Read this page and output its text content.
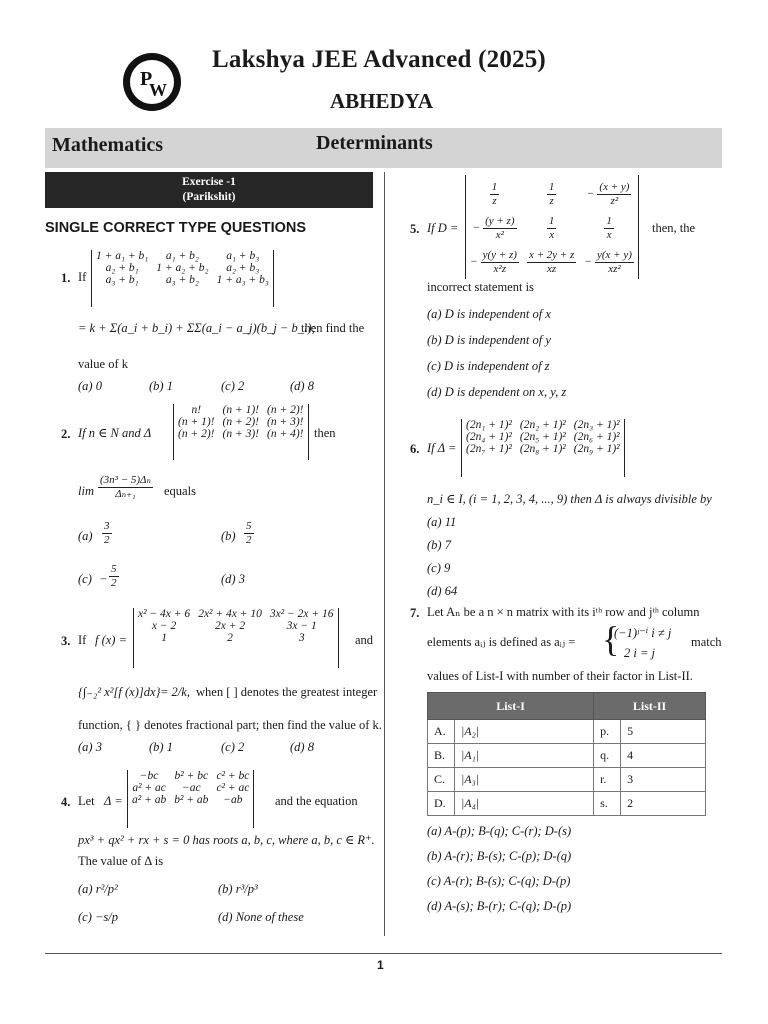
P
W
Lakshya JEE Advanced (2025)
ABHEDYA
Mathematics	Determinants
Exercise -1
(Parikshit)
SINGLE CORRECT TYPE QUESTIONS
1. If
1 + a₁ + b₁	a₁ + b₂	a₁ + b₃
a₂ + b₁	1 + a₂ + b₂	a₂ + b₃
a₃ + b₁	a₃ + b₂	1 + a₃ + b₃
= k + Σ(a_i + b_i) + ΣΣ(a_i − a_j)(b_j − b_i);
then find the
value of k
(a) 0	(b) 1	(c) 2	(d) 8
2. If n ∈ N and Δ
n!	(n + 1)!	(n + 2)!
(n + 1)!	(n + 2)!	(n + 3)!
(n + 2)!	(n + 3)!	(n + 4)! then
$\lim \frac{\text{(3n³ − 5)Δₙ}}{\text{Δₙ₊₁}}$ equals
$(a) \frac{3}{2}$	$(b) \frac{5}{2}$
$(c) - \frac{5}{2}$	(d) 3
3. If f (x) =
x² − 4x + 6	2x² + 4x + 10	3x² − 2x + 16
x − 2	2x + 2	3x − 1
1	2	3	and
{∫₋₂² x²[f (x)]dx} = 2/k, when [ ] denotes the greatest integer
function, { } denotes fractional part; then find the value of k.
(a) 3	(b) 1	(c) 2	(d) 8
4. Let Δ =
−bc	b² + bc	c² + bc
a² + ac	−ac	c² + ac
a² + ab	b² + ab	−ab	and the equation
px³ + qx² + rx + s = 0 has roots a, b, c, where a, b, c ∈ R⁺.
The value of Δ is
(a) r²/p²	(b) r³/p³
(c) −s/p	(d) None of these
5. If D =
$\frac{1}{z}$	$\frac{1}{z}$	− $\frac{(x + y)}{\text{z²}}$

− $\frac{(y + z)}{\text{x²}}$	$\frac{1}{x}$	$\frac{1}{x}$

− $\frac{y(y + z)}{\text{x²z}}$	$\frac{x + 2y + z}{xz}$	− $\frac{y(x + y)}{\text{xz²}}$
then, the
incorrect statement is
(a) D is independent of x
(b) D is independent of y
(c) D is independent of z
(d) D is dependent on x, y, z
6. If Δ =
(2n₁ + 1)²	(2n₂ + 1)²	(2n₃ + 1)²
(2n₄ + 1)²	(2n₅ + 1)²	(2n₆ + 1)²
(2n₇ + 1)²	(2n₈ + 1)²	(2n₉ + 1)²
n_i ∈ I, (i = 1, 2, 3, 4, ..., 9) then Δ is always divisible by
(a) 11
(b) 7
(c) 9
(d) 64
7. Let Aₙ be a n × n matrix with its iᵗʰ row and jᵗʰ column
elements aᵢⱼ is defined as aᵢⱼ = {
(−1)ʲ⁻ⁱ i ≠ j
2 i = j
match
values of List-I with number of their factor in List-II.
List-I		List-II	
A.	|A₂|	p.	5
B.	|A₁|	q.	4
C.	|A₃|	r.	3
D.	|A₄|	s.	2
(a) A-(p); B-(q); C-(r); D-(s)
(b) A-(r); B-(s); C-(p); D-(q)
(c) A-(r); B-(s); C-(q); D-(p)
(d) A-(s); B-(r); C-(q); D-(p)
1
